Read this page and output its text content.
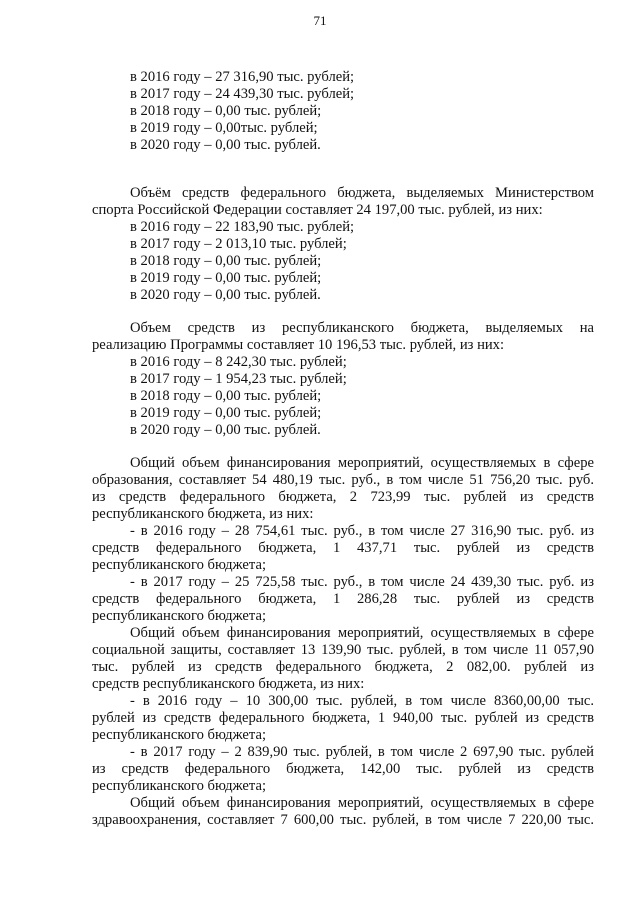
71
в 2016 году – 27 316,90 тыс. рублей;
в 2017 году – 24 439,30 тыс. рублей;
в 2018 году – 0,00 тыс. рублей;
в 2019 году – 0,00тыс. рублей;
в 2020 году – 0,00 тыс. рублей.
Объём средств федерального бюджета, выделяемых Министерством
спорта Российской Федерации составляет 24 197,00 тыс. рублей, из них:
в 2016 году – 22 183,90 тыс. рублей;
в 2017 году – 2 013,10 тыс. рублей;
в 2018 году – 0,00 тыс. рублей;
в 2019 году – 0,00 тыс. рублей;
в 2020 году – 0,00 тыс. рублей.
Объем средств из республиканского бюджета, выделяемых на
реализацию Программы составляет 10 196,53 тыс. рублей, из них:
в 2016 году – 8 242,30 тыс. рублей;
в 2017 году – 1 954,23 тыс. рублей;
в 2018 году – 0,00 тыс. рублей;
в 2019 году – 0,00 тыс. рублей;
в 2020 году – 0,00 тыс. рублей.
Общий объем финансирования мероприятий, осуществляемых в сфере
образования, составляет 54 480,19 тыс. руб., в том числе 51 756,20 тыс. руб.
из средств федерального бюджета, 2 723,99 тыс. рублей из средств
республиканского бюджета, из них:
- в 2016 году – 28 754,61 тыс. руб., в том числе 27 316,90 тыс. руб. из
средств федерального бюджета, 1 437,71 тыс. рублей из средств
республиканского бюджета;
- в 2017 году – 25 725,58 тыс. руб., в том числе 24 439,30 тыс. руб. из
средств федерального бюджета, 1 286,28 тыс. рублей из средств
республиканского бюджета;
Общий объем финансирования мероприятий, осуществляемых в сфере
социальной защиты, составляет 13 139,90 тыс. рублей, в том числе 11 057,90
тыс. рублей из средств федерального бюджета, 2 082,00. рублей из
средств республиканского бюджета, из них:
- в 2016 году – 10 300,00 тыс. рублей, в том числе 8360,00,00 тыс.
рублей из средств федерального бюджета, 1 940,00 тыс. рублей из средств
республиканского бюджета;
- в 2017 году – 2 839,90 тыс. рублей, в том числе 2 697,90 тыс. рублей
из средств федерального бюджета, 142,00 тыс. рублей из средств
республиканского бюджета;
Общий объем финансирования мероприятий, осуществляемых в сфере
здравоохранения, составляет 7 600,00 тыс. рублей, в том числе 7 220,00 тыс.
